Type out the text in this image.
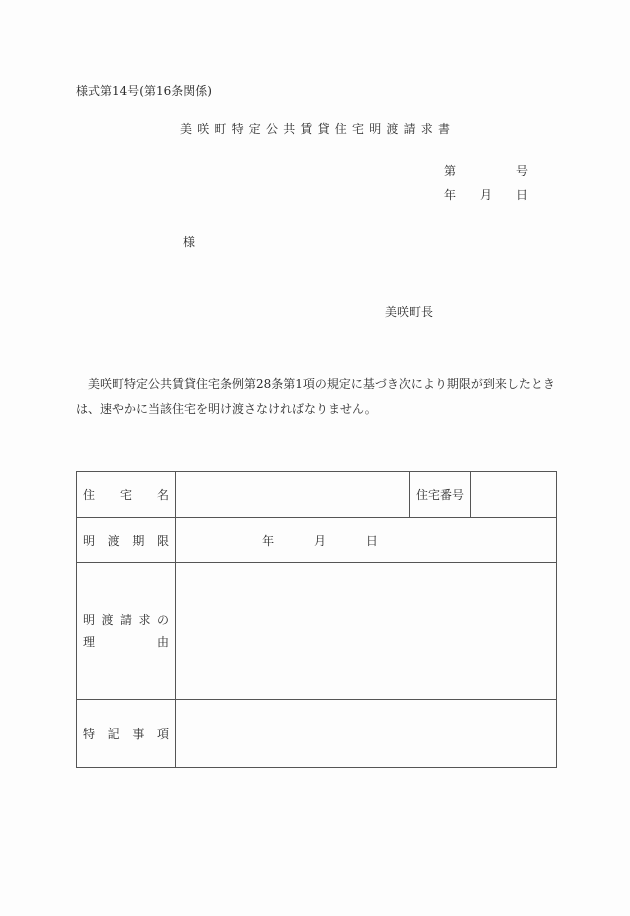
様式第14号(第16条関係)
美咲町特定公共賃貸住宅明渡請求書
第	号
年 月 日
様
美咲町長

美咲町特定公共賃貸住宅条例第28条第1項の規定に基づき次により期限が到来したとき

は、速やかに当該住宅を明け渡さなければなりません。

住宅名		住宅番号	
明渡期限	年 月 日		

明渡請求の
理 由			

特記事項			
